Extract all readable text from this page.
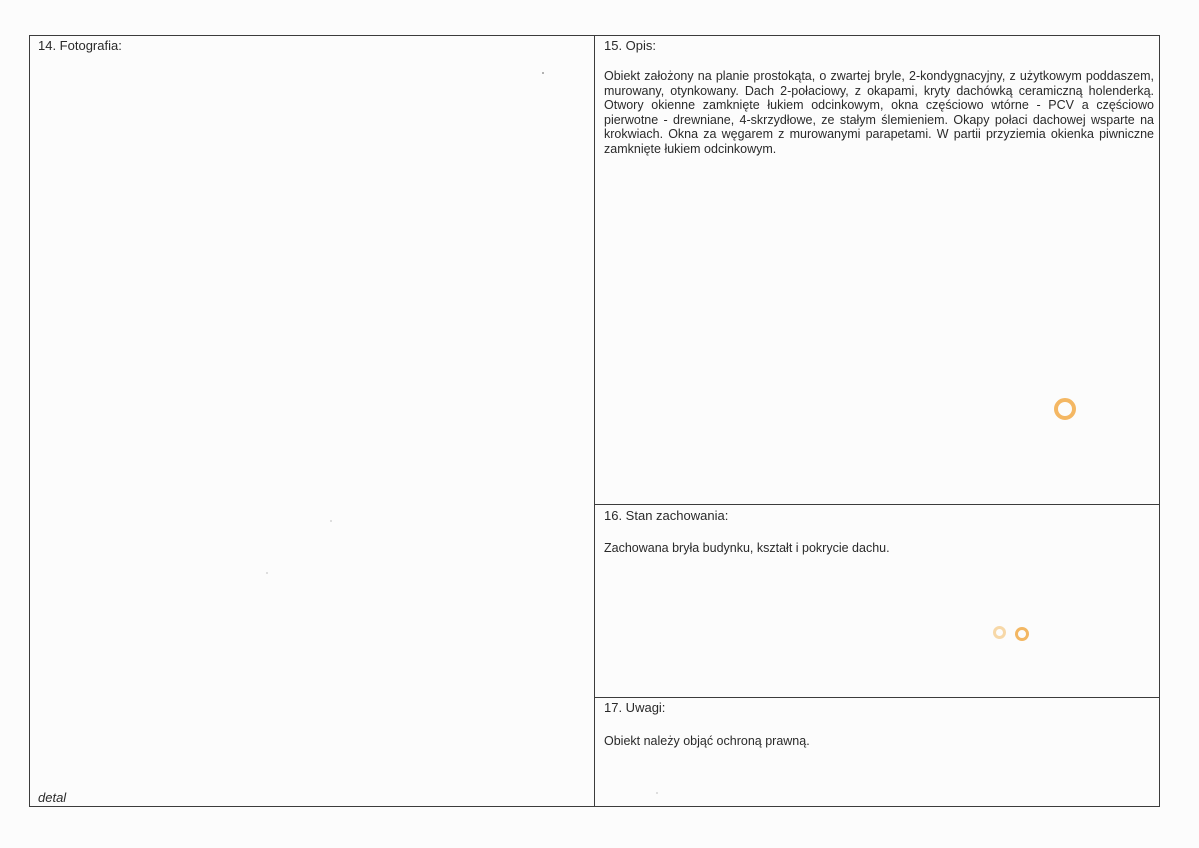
14. Fotografia:
detal
15. Opis:
Obiekt założony na planie prostokąta, o zwartej bryle, 2-kondygnacyjny, z użytkowym poddaszem, murowany, otynkowany. Dach 2-połaciowy, z okapami, kryty dachówką ceramiczną holenderką. Otwory okienne zamknięte łukiem odcinkowym, okna częściowo wtórne - PCV a częściowo pierwotne - drewniane, 4-skrzydłowe, ze stałym ślemieniem. Okapy połaci dachowej wsparte na krokwiach. Okna za węgarem z murowanymi parapetami. W partii przyziemia okienka piwniczne zamknięte łukiem odcinkowym.
16. Stan zachowania:
Zachowana bryła budynku, kształt i pokrycie dachu.
17. Uwagi:
Obiekt należy objąć ochroną prawną.
